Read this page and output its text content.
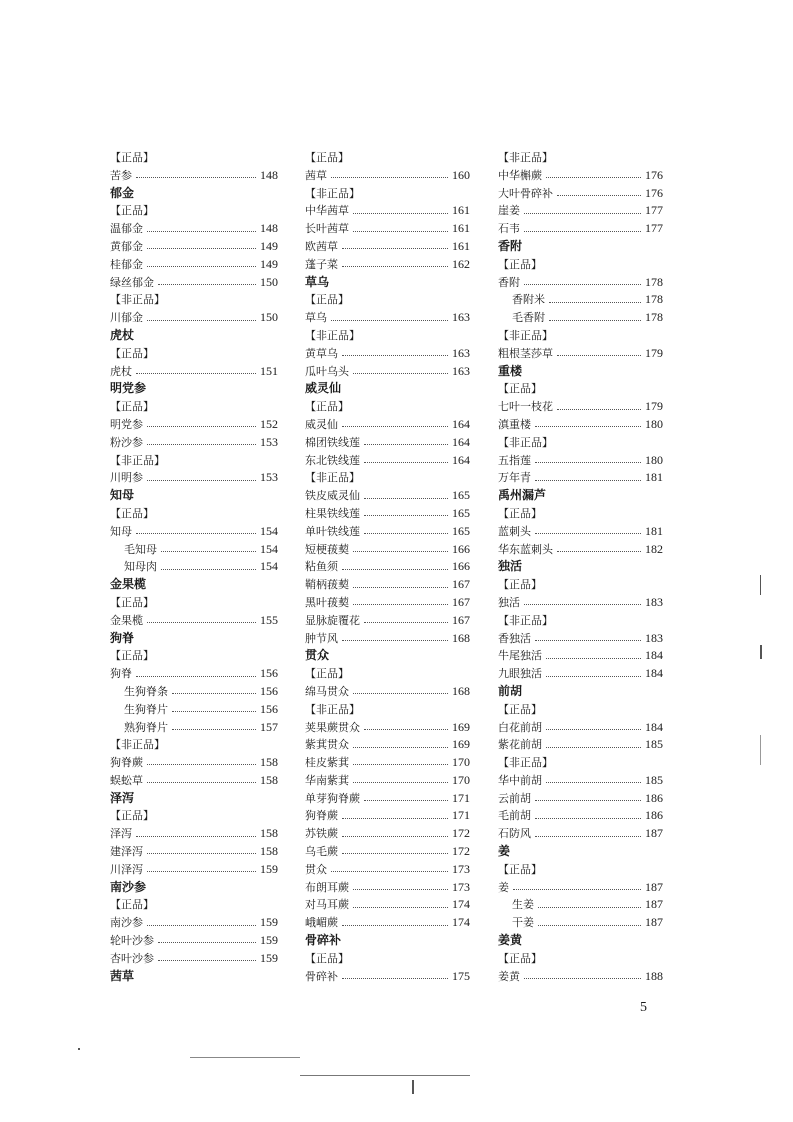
【正品】
苦参	148
郁金
【正品】
温郁金	148
黄郁金	149
桂郁金	149
绿丝郁金	150
【非正品】
川郁金	150
虎杖
【正品】
虎杖	151
明党参
【正品】
明党参	152
粉沙参	153
【非正品】
川明参	153
知母
【正品】
知母	154
毛知母	154
知母肉	154
金果榄
【正品】
金果榄	155
狗脊
【正品】
狗脊	156
生狗脊条	156
生狗脊片	156
熟狗脊片	157
【非正品】
狗脊蕨	158
蜈蚣草	158
泽泻
【正品】
泽泻	158
建泽泻	158
川泽泻	159
南沙参
【正品】
南沙参	159
轮叶沙参	159
杏叶沙参	159
茜草
【正品】
茜草	160
【非正品】
中华茜草	161
长叶茜草	161
欧茜草	161
蓬子菜	162
草乌
【正品】
草乌	163
【非正品】
黄草乌	163
瓜叶乌头	163
威灵仙
【正品】
威灵仙	164
棉团铁线莲	164
东北铁线莲	164
【非正品】
铁皮威灵仙	165
柱果铁线莲	165
单叶铁线莲	165
短梗菝葜	166
粘鱼须	166
鞘柄菝葜	167
黑叶菝葜	167
显脉旋覆花	167
肿节风	168
贯众
【正品】
绵马贯众	168
【非正品】
荚果蕨贯众	169
紫萁贯众	169
桂皮紫萁	170
华南紫萁	170
单芽狗脊蕨	171
狗脊蕨	171
苏铁蕨	172
乌毛蕨	172
贯众	173
布朗耳蕨	173
对马耳蕨	174
峨嵋蕨	174
骨碎补
【正品】
骨碎补	175
【非正品】
中华槲蕨	176
大叶骨碎补	176
崖姜	177
石韦	177
香附
【正品】
香附	178
香附米	178
毛香附	178
【非正品】
粗根茎莎草	179
重楼
【正品】
七叶一枝花	179
滇重楼	180
【非正品】
五指莲	180
万年青	181
禹州漏芦
【正品】
蓝刺头	181
华东蓝刺头	182
独活
【正品】
独活	183
【非正品】
香独活	183
牛尾独活	184
九眼独活	184
前胡
【正品】
白花前胡	184
紫花前胡	185
【非正品】
华中前胡	185
云前胡	186
毛前胡	186
石防风	187
姜
【正品】
姜	187
生姜	187
干姜	187
姜黄
【正品】
姜黄	188
5
